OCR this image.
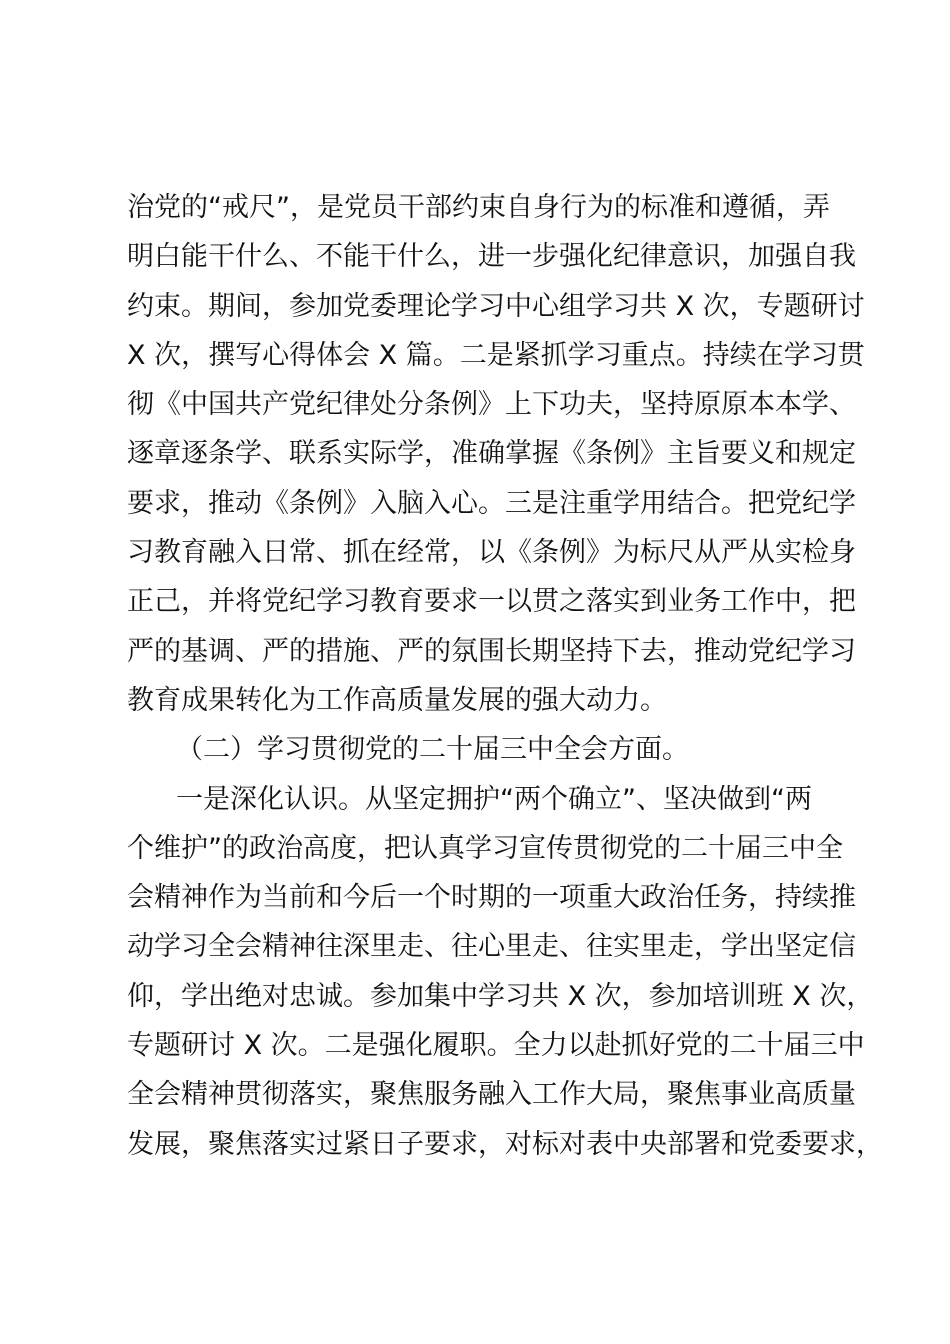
治党的“戒尺”，是党员干部约束自身行为的标准和遵循，弄
明白能干什么、不能干什么，进一步强化纪律意识，加强自我
约束。期间，参加党委理论学习中心组学习共 X 次，专题研讨
X 次，撰写心得体会 X 篇。二是紧抓学习重点。持续在学习贯
彻《中国共产党纪律处分条例》上下功夫，坚持原原本本学、
逐章逐条学、联系实际学，准确掌握《条例》主旨要义和规定
要求，推动《条例》入脑入心。三是注重学用结合。把党纪学
习教育融入日常、抓在经常，以《条例》为标尺从严从实检身
正己，并将党纪学习教育要求一以贯之落实到业务工作中，把
严的基调、严的措施、严的氛围长期坚持下去，推动党纪学习
教育成果转化为工作高质量发展的强大动力。
（二）学习贯彻党的二十届三中全会方面。
一是深化认识。从坚定拥护“两个确立”、坚决做到“两
个维护”的政治高度，把认真学习宣传贯彻党的二十届三中全
会精神作为当前和今后一个时期的一项重大政治任务，持续推
动学习全会精神往深里走、往心里走、往实里走，学出坚定信
仰，学出绝对忠诚。参加集中学习共 X 次，参加培训班 X 次，
专题研讨 X 次。二是强化履职。全力以赴抓好党的二十届三中
全会精神贯彻落实，聚焦服务融入工作大局，聚焦事业高质量
发展，聚焦落实过紧日子要求，对标对表中央部署和党委要求，
